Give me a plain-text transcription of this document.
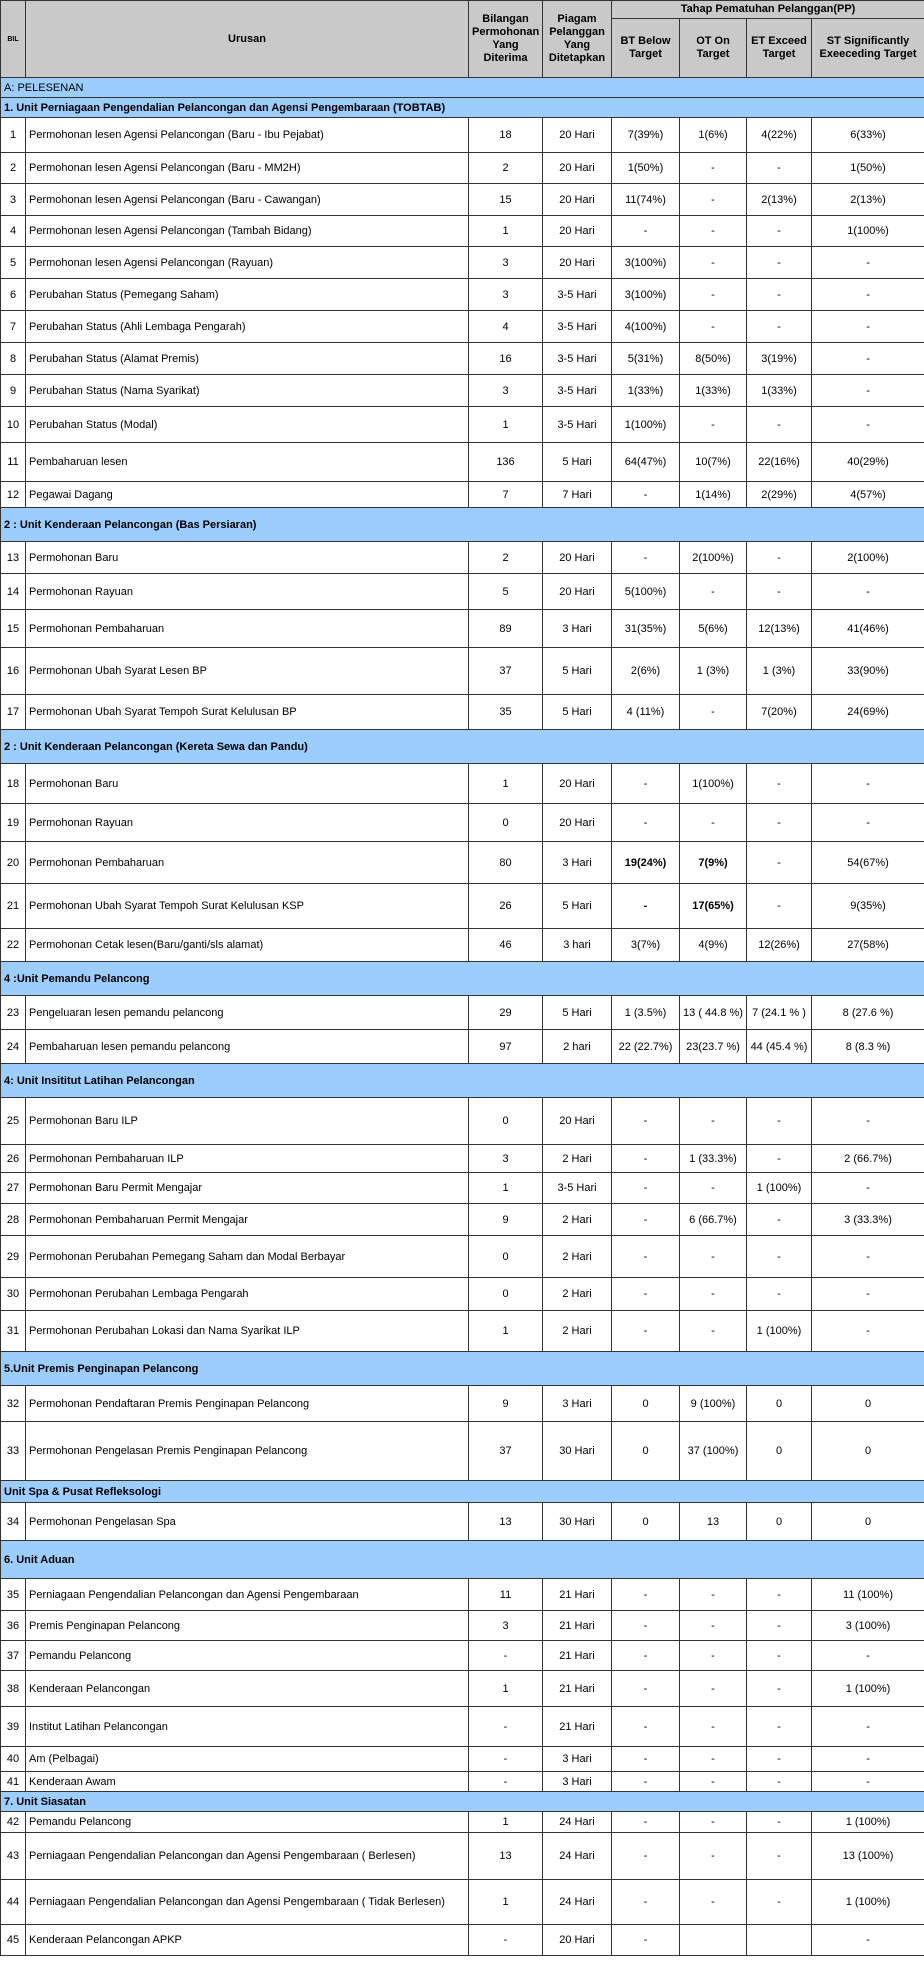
BIL	Urusan	Bilangan Permohonan Yang Diterima	Piagam Pelanggan Yang Ditetapkan	Tahap Pematuhan Pelanggan(PP)			
				BT Below Target	OT On Target	ET Exceed Target	ST Significantly Exeeceding Target
A: PELESENAN							
1. Unit Perniagaan Pengendalian Pelancongan dan Agensi Pengembaraan (TOBTAB)							
1	Permohonan lesen Agensi Pelancongan (Baru - Ibu Pejabat)	18	20 Hari	7(39%)	1(6%)	4(22%)	6(33%)
2	Permohonan lesen Agensi Pelancongan (Baru - MM2H)	2	20 Hari	1(50%)	-	-	1(50%)
3	Permohonan lesen Agensi Pelancongan (Baru - Cawangan)	15	20 Hari	11(74%)	-	2(13%)	2(13%)
4	Permohonan lesen Agensi Pelancongan (Tambah Bidang)	1	20 Hari	-	-	-	1(100%)
5	Permohonan lesen Agensi Pelancongan (Rayuan)	3	20 Hari	3(100%)	-	-	-
6	Perubahan Status (Pemegang Saham)	3	3-5 Hari	3(100%)	-	-	-
7	Perubahan Status (Ahli Lembaga Pengarah)	4	3-5 Hari	4(100%)	-	-	-
8	Perubahan Status (Alamat Premis)	16	3-5 Hari	5(31%)	8(50%)	3(19%)	-
9	Perubahan Status (Nama Syarikat)	3	3-5 Hari	1(33%)	1(33%)	1(33%)	-
10	Perubahan Status (Modal)	1	3-5 Hari	1(100%)	-	-	-
11	Pembaharuan lesen	136	5 Hari	64(47%)	10(7%)	22(16%)	40(29%)
12	Pegawai Dagang	7	7 Hari	-	1(14%)	2(29%)	4(57%)
2 : Unit Kenderaan Pelancongan (Bas Persiaran)							
13	Permohonan Baru	2	20 Hari	-	2(100%)	-	2(100%)
14	Permohonan Rayuan	5	20 Hari	5(100%)	-	-	-
15	Permohonan Pembaharuan	89	3 Hari	31(35%)	5(6%)	12(13%)	41(46%)
16	Permohonan Ubah Syarat Lesen BP	37	5 Hari	2(6%)	1 (3%)	1 (3%)	33(90%)
17	Permohonan Ubah Syarat Tempoh Surat Kelulusan BP	35	5 Hari	4 (11%)	-	7(20%)	24(69%)
2 : Unit Kenderaan Pelancongan (Kereta Sewa dan Pandu)							
18	Permohonan Baru	1	20 Hari	-	1(100%)	-	-
19	Permohonan Rayuan	0	20 Hari	-	-	-	-
20	Permohonan Pembaharuan	80	3 Hari	19(24%)	7(9%)	-	54(67%)
21	Permohonan Ubah Syarat Tempoh Surat Kelulusan KSP	26	5 Hari	-	17(65%)	-	9(35%)
22	Permohonan Cetak lesen(Baru/ganti/sls alamat)	46	3 hari	3(7%)	4(9%)	12(26%)	27(58%)
4 :Unit Pemandu Pelancong							
23	Pengeluaran lesen pemandu pelancong	29	5 Hari	1 (3.5%)	13 ( 44.8 %)	7 (24.1 % )	8 (27.6 %)
24	Pembaharuan lesen pemandu pelancong	97	2 hari	22 (22.7%)	23(23.7 %)	44 (45.4 %)	8 (8.3 %)
4: Unit Insititut Latihan Pelancongan							
25	Permohonan Baru ILP	0	20 Hari	-	-	-	-
26	Permohonan Pembaharuan ILP	3	2 Hari	-	1 (33.3%)	-	2 (66.7%)
27	Permohonan Baru Permit Mengajar	1	3-5 Hari	-	-	1 (100%)	-
28	Permohonan Pembaharuan Permit Mengajar	9	2 Hari	-	6 (66.7%)	-	3 (33.3%)
29	Permohonan Perubahan Pemegang Saham dan Modal Berbayar	0	2 Hari	-	-	-	-
30	Permohonan Perubahan Lembaga Pengarah	0	2 Hari	-	-	-	-
31	Permohonan Perubahan Lokasi dan Nama Syarikat ILP	1	2 Hari	-	-	1 (100%)	-
5.Unit Premis Penginapan Pelancong							
32	Permohonan Pendaftaran Premis Penginapan Pelancong	9	3 Hari	0	9 (100%)	0	0
33	Permohonan Pengelasan Premis Penginapan Pelancong	37	30 Hari	0	37 (100%)	0	0
Unit Spa & Pusat Refleksologi							
34	Permohonan Pengelasan Spa	13	30 Hari	0	13	0	0
6. Unit Aduan							
35	Perniagaan Pengendalian Pelancongan dan Agensi Pengembaraan	11	21 Hari	-	-	-	11 (100%)
36	Premis Penginapan Pelancong	3	21 Hari	-	-	-	3 (100%)
37	Pemandu Pelancong	-	21 Hari	-	-	-	-
38	Kenderaan Pelancongan	1	21 Hari	-	-	-	1 (100%)
39	Institut Latihan Pelancongan	-	21 Hari	-	-	-	-
40	Am (Pelbagai)	-	3 Hari	-	-	-	-
41	Kenderaan Awam	-	3 Hari	-	-	-	-
7. Unit Siasatan							
42	Pemandu Pelancong	1	24 Hari	-	-	-	1 (100%)
43	Perniagaan Pengendalian Pelancongan dan Agensi Pengembaraan ( Berlesen)	13	24 Hari	-	-	-	13 (100%)
44	Perniagaan Pengendalian Pelancongan dan Agensi Pengembaraan ( Tidak Berlesen)	1	24 Hari	-	-	-	1 (100%)
45	Kenderaan Pelancongan APKP	-	20 Hari	-			-
